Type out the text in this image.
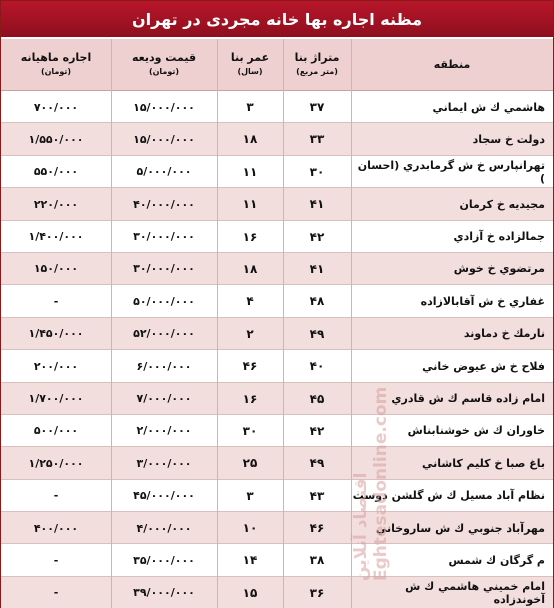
مظنه اجاره بها خانه مجردی در تهران
منطقه
متراژ بنا
(متر مربع)
عمر بنا
(سال)
قیمت ودیعه
(تومان)
اجاره ماهیانه
(تومان)
هاشمي ك ش ايماني
۳۷
۳
۱۵/۰۰۰/۰۰۰
۷۰۰/۰۰۰
دولت خ سجاد
۳۳
۱۸
۱۵/۰۰۰/۰۰۰
۱/۵۵۰/۰۰۰
تهرانپارس خ ش گرمابدري (احسان )
۳۰
۱۱
۵/۰۰۰/۰۰۰
۵۵۰/۰۰۰
مجيديه خ كرمان
۴۱
۱۱
۴۰/۰۰۰/۰۰۰
۲۲۰/۰۰۰
جمالزاده خ آزادي
۴۲
۱۶
۳۰/۰۰۰/۰۰۰
۱/۴۰۰/۰۰۰
مرتضوي خ خوش
۴۱
۱۸
۳۰/۰۰۰/۰۰۰
۱۵۰/۰۰۰
غفاري خ ش آقابالازاده
۴۸
۴
۵۰/۰۰۰/۰۰۰
-
نارمك خ دماوند
۴۹
۲
۵۲/۰۰۰/۰۰۰
۱/۴۵۰/۰۰۰
فلاح خ ش عيوض خاني
۴۰
۴۶
۶/۰۰۰/۰۰۰
۲۰۰/۰۰۰
امام زاده قاسم ك ش قادري
۴۵
۱۶
۷/۰۰۰/۰۰۰
۱/۷۰۰/۰۰۰
خاوران ك ش خوشنابناش
۴۲
۳۰
۲/۰۰۰/۰۰۰
۵۰۰/۰۰۰
باغ صبا خ كليم كاشاني
۴۹
۲۵
۳/۰۰۰/۰۰۰
۱/۲۵۰/۰۰۰
نظام آباد مسيل ك ش گلشن دوست
۴۳
۳
۴۵/۰۰۰/۰۰۰
-
مهرآباد جنوبي ك ش ساروخاني
۴۶
۱۰
۴/۰۰۰/۰۰۰
۴۰۰/۰۰۰
م گرگان ك شمس
۳۸
۱۴
۳۵/۰۰۰/۰۰۰
-
امام خميني هاشمي ك ش آخوندزاده
۳۶
۱۵
۳۹/۰۰۰/۰۰۰
-
اقتصاد آنلاين Eghtesadonline.com
